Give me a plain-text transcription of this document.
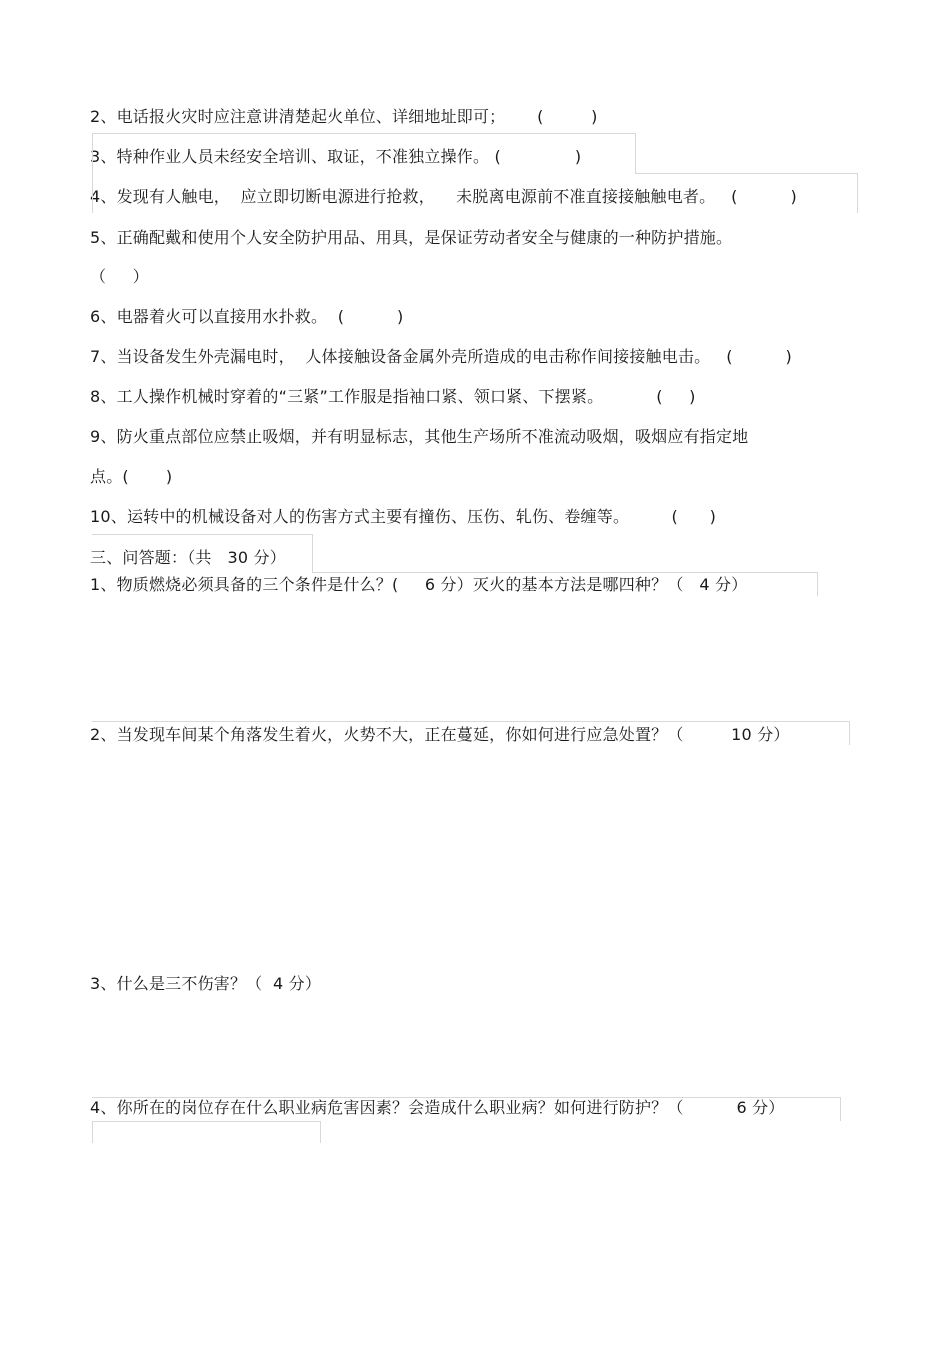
2、电话报火灾时应注意讲清楚起火单位、详细地址即可；      (         )
3、特种作业人员未经安全培训、取证，不准独立操作。 (              )
4、发现有人触电，  应立即切断电源进行抢救，    未脱离电源前不准直接接触触电者。   (          )
5、正确配戴和使用个人安全防护用品、用具，是保证劳动者安全与健康的一种防护措施。
（     ）
6、电器着火可以直接用水扑救。  (          )
7、当设备发生外壳漏电时，  人体接触设备金属外壳所造成的电击称作间接接触电击。   (          )
8、工人操作机械时穿着的“三紧”工作服是指袖口紧、领口紧、下摆紧。          (     )
9、防火重点部位应禁止吸烟，并有明显标志，其他生产场所不准流动吸烟，吸烟应有指定地
点。(       )
10、运转中的机械设备对人的伤害方式主要有撞伤、压伤、轧伤、卷缠等。        (      )
三、问答题：（共   30 分）
1、物质燃烧必须具备的三个条件是什么？(     6 分）灭火的基本方法是哪四种？（   4 分）
2、当发现车间某个角落发生着火，火势不大，正在蔓延，你如何进行应急处置？（         10 分）
3、什么是三不伤害？（  4 分）
4、你所在的岗位存在什么职业病危害因素？会造成什么职业病？如何进行防护？（          6 分）
